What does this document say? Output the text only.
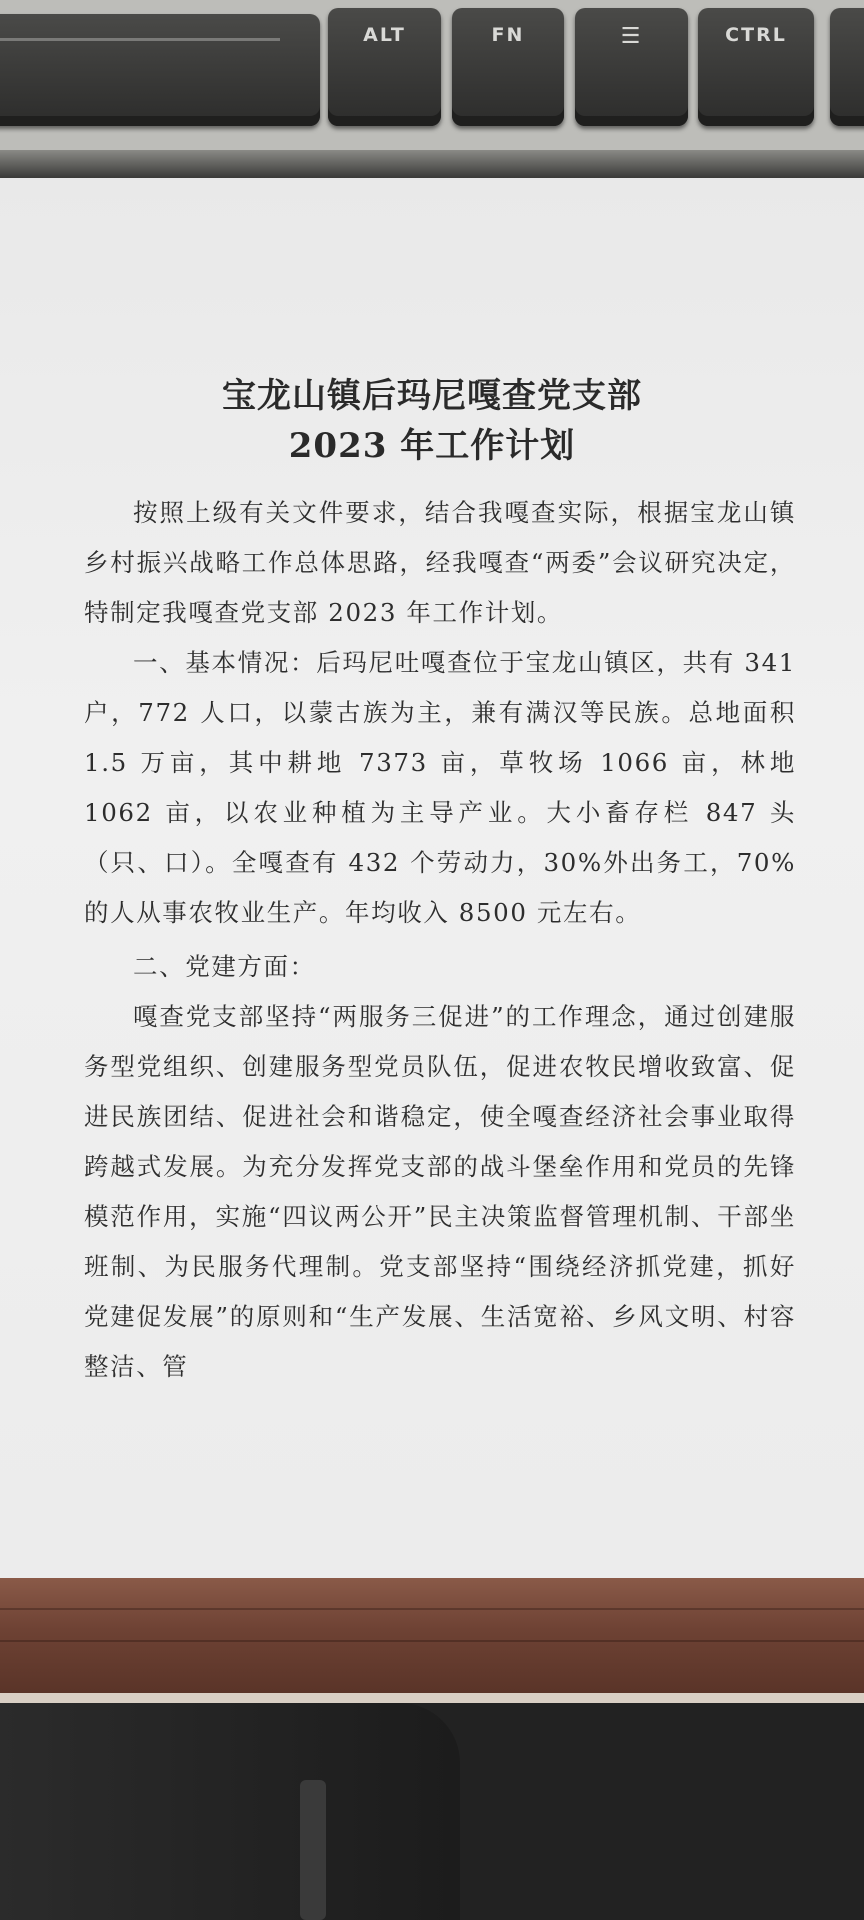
ALT	FN	☰	CTRL
宝龙山镇后玛尼嘎查党支部
2023 年工作计划

按照上级有关文件要求，结合我嘎查实际，根据宝龙山镇乡村振兴战略工作总体思路，经我嘎查“两委”会议研究决定，特制定我嘎查党支部 2023 年工作计划。

一、基本情况：后玛尼吐嘎查位于宝龙山镇区，共有 341 户，772 人口，以蒙古族为主，兼有满汉等民族。总地面积 1.5 万亩，其中耕地 7373 亩，草牧场 1066 亩，林地 1062 亩，以农业种植为主导产业。大小畜存栏 847 头（只、口）。全嘎查有 432 个劳动力，30%外出务工，70%的人从事农牧业生产。年均收入 8500 元左右。

二、党建方面：

嘎查党支部坚持“两服务三促进”的工作理念，通过创建服务型党组织、创建服务型党员队伍，促进农牧民增收致富、促进民族团结、促进社会和谐稳定，使全嘎查经济社会事业取得跨越式发展。为充分发挥党支部的战斗堡垒作用和党员的先锋模范作用，实施“四议两公开”民主决策监督管理机制、干部坐班制、为民服务代理制。党支部坚持“围绕经济抓党建，抓好党建促发展”的原则和“生产发展、生活宽裕、乡风文明、村容整洁、管
